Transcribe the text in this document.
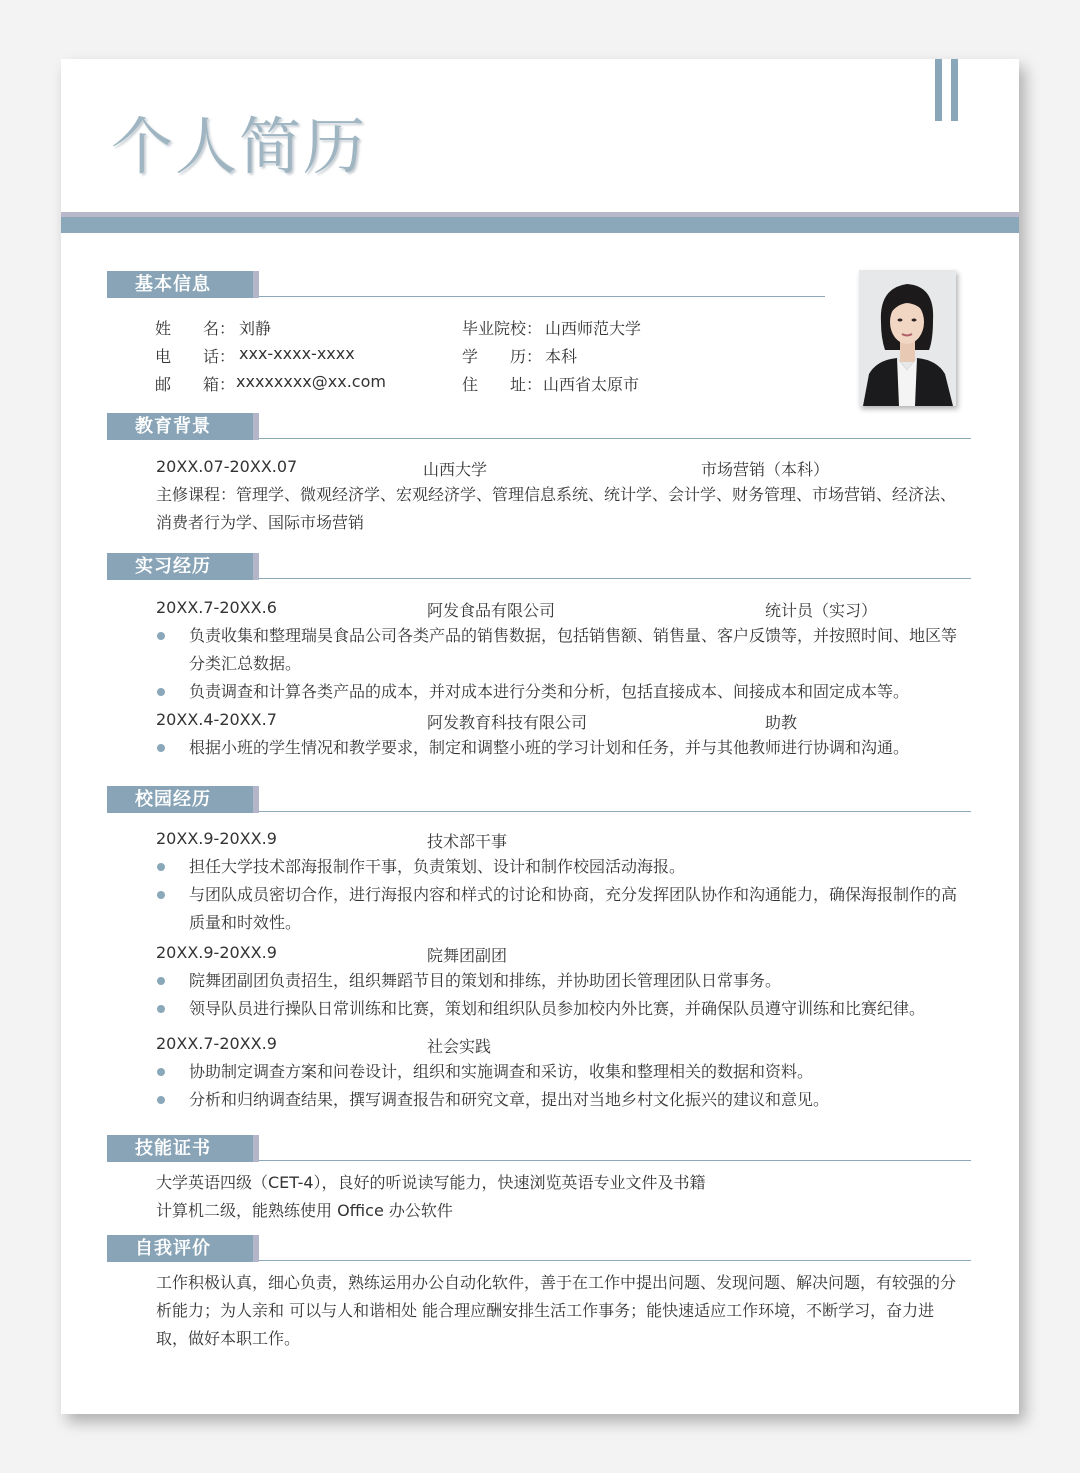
个人简历
基本信息
姓 名： 刘静
电 话： xxx-xxxx-xxxx
邮 箱： xxxxxxxx@xx.com
毕业院校： 山西师范大学
学 历： 本科
住 址： 山西省太原市
教育背景
20XX.07-20XX.07	山西大学	市场营销（本科）
主修课程：管理学、微观经济学、宏观经济学、管理信息系统、统计学、会计学、财务管理、市场营销、经济法、消费者行为学、国际市场营销
实习经历
20XX.7-20XX.6	阿发食品有限公司	统计员（实习）
负责收集和整理瑞昊食品公司各类产品的销售数据，包括销售额、销售量、客户反馈等，并按照时间、地区等分类汇总数据。
负责调查和计算各类产品的成本，并对成本进行分类和分析，包括直接成本、间接成本和固定成本等。
20XX.4-20XX.7	阿发教育科技有限公司	助教
根据小班的学生情况和教学要求，制定和调整小班的学习计划和任务，并与其他教师进行协调和沟通。
校园经历
20XX.9-20XX.9	技术部干事
担任大学技术部海报制作干事，负责策划、设计和制作校园活动海报。
与团队成员密切合作，进行海报内容和样式的讨论和协商，充分发挥团队协作和沟通能力，确保海报制作的高质量和时效性。
20XX.9-20XX.9	院舞团副团
院舞团副团负责招生，组织舞蹈节目的策划和排练，并协助团长管理团队日常事务。
领导队员进行操队日常训练和比赛，策划和组织队员参加校内外比赛，并确保队员遵守训练和比赛纪律。
20XX.7-20XX.9	社会实践
协助制定调查方案和问卷设计，组织和实施调查和采访，收集和整理相关的数据和资料。
分析和归纳调查结果，撰写调查报告和研究文章，提出对当地乡村文化振兴的建议和意见。
技能证书
大学英语四级（CET-4），良好的听说读写能力，快速浏览英语专业文件及书籍
计算机二级，能熟练使用 Office 办公软件
自我评价
工作积极认真，细心负责，熟练运用办公自动化软件，善于在工作中提出问题、发现问题、解决问题，有较强的分析能力；为人亲和 可以与人和谐相处 能合理应酬安排生活工作事务；能快速适应工作环境，不断学习，奋力进取，做好本职工作。
